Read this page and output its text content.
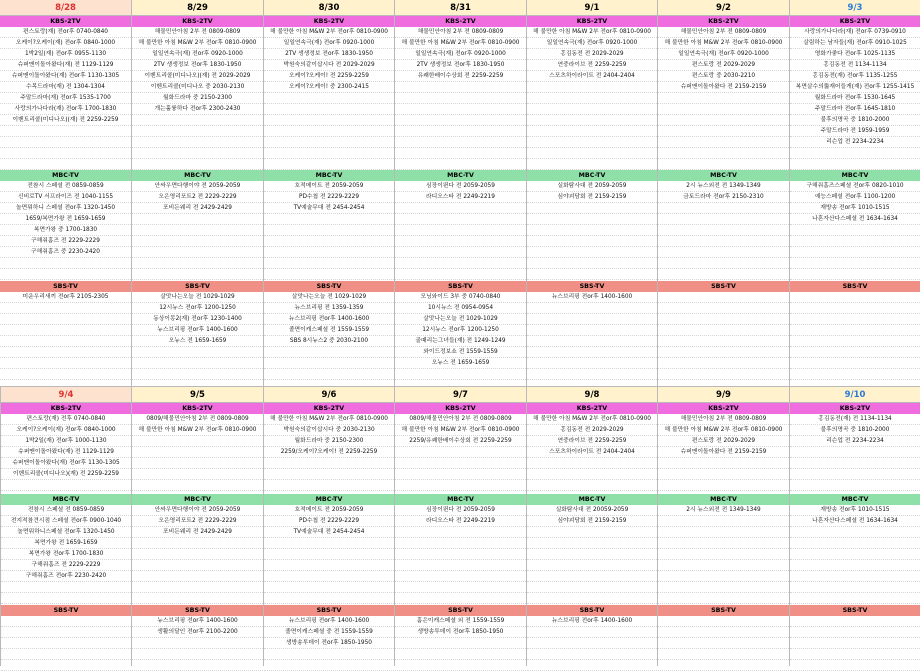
8/28
KBS-2TV
편스토랑(재) 전or후 0740-0840
오케이?오케이(재) 전or후 0840-1000
1박2일(재) 전or후 0955-1130
슈퍼맨이돌아왔다(재) 전 1129-1129
슈퍼맨이돌아왔다(재) 전or후 1130-1305
수목드라마(재) 전 1304-1304
주말드라마(재) 전or후 1535-1700
사랑의가나다라(재) 전or후 1700-1830
이벤트리콜(미디나오)(재) 전 2259-2259
MBC-TV
전참시 스페셜 전 0859-0859
신비로TV 서프라이즈 전 1040-1155
놀면뭐하니 스페셜 전or후 1320-1450
1659/복면가왕 전 1659-1659
복면가왕 중 1700-1830
구해줘홈즈 전 2229-2229
구해줘홈즈 중 2230-2420
SBS-TV
미운우리새끼 전or후 2105-2305
8/29
KBS-2TV
해물민안아침 2부 전 0809-0809
해 불만한 아침 M&W 2부 전or후 0810-0900
일일연속극(재) 전or후 0920-1000
2TV 생생정보 전or후 1830-1950
이벤트리콜(미디나오)(재) 전 2029-2029
이벤트리콜(미디나오 중 2030-2130
월화드라마 중 2150-2300
개는훌륭하다 전or후 2300-2430
MBC-TV
안싸우면다행이야 전 2059-2059
오은영리포트2 전 2229-2229
포비든웨리 전 2429-2429
SBS-TV
살맛나는오늘 전 1029-1029
12시뉴스 전or후 1200-1250
동상이몽2(재) 전or후 1230-1400
뉴스브리핑 전or후 1400-1600
오뉴스 전 1659-1659
8/30
KBS-2TV
해 불만한 아침 M&W 2부 전or후 0810-0900
일일연속극(재) 전or후 0920-1000
2TV 생생정보 전or후 1830-1950
박원숙의같이삽시다 전 2029-2029
오케이?오케이! 전 2259-2259
오케이?오케이! 중 2300-2415
MBC-TV
호적메이트 전 2059-2059
PD수첩 전 2229-2229
TV예술무대 전 2454-2454
SBS-TV
살맛나는오늘 전 1029-1029
뉴스브리핑 전 1359-1359
뉴스브리핑 전or후 1400-1600
졸면이캐스페셜 전 1559-1559
SBS 8시뉴스2 중 2030-2100
8/31
KBS-2TV
해물민안아침 2부 전 0809-0809
해 불만한 아침 M&W 2부 전or후 0810-0900
일일연속극(재) 전or후 0920-1000
2TV 생생정보 전or후 1830-1950
유쾌한배이수상회 전 2259-2259
MBC-TV
심장이뛴다 전 2059-2059
라디오스타 전 2249-2219
SBS-TV
모닝와이드 3부 중 0740-0840
10시뉴스 전 0954-0954
살맛나는오늘 전 1029-1029
12시뉴스 전or후 1200-1250
골때리는그녀들(재) 전 1249-1249
와이드정보쇼 전 1559-1559
오뉴스 전 1659-1659
9/1
KBS-2TV
해 불만한 아침 M&W 2부 전or후 0810-0900
일일연속극(재) 전or후 0920-1000
홍김동전 전 2029-2029
연중라이브 전 2259-2259
스포츠하이라이트 전 2404-2404
MBC-TV
실화탐사대 전 2059-2059
심야괴담회 전 2159-2159
SBS-TV
뉴스브리핑 전or후 1400-1600
9/2
KBS-2TV
해물민안아침 2부 전 0809-0809
해 불만한 아침 M&W 2부 전or후 0810-0900
일일연속극(재) 전or후 0920-1000
편스토랑 전 2029-2029
편스토랑 중 2030-2210
슈퍼맨이돌아왔다 전 2159-2159
MBC-TV
2시 뉴스외전 전 1349-1349
금토드라마 전or후 2150-2310
SBS-TV
9/3
KBS-2TV
사랑의가나다라(재) 전or후 0739-0910
살림하는 남자들(재) 전or후 0910-1025
영화가좋다 전or후 1025-1135
홍김동전 전 1134-1134
홍김동전(재) 전or후 1135-1255
복면살수의뚫재어들게(재) 전or후 1255-1415
월화드라마 전or후 1530-1645
주말드라마 전or후 1645-1810
불후의명곡 중 1810-2000
주말드라마 전 1959-1959
리슨업 전 2234-2234
MBC-TV
구해줘홈즈스페셜 전or후 0820-1010
예능스페셜 전or후 1100-1200
재방송 전or후 1010-1515
나혼자산다스페셜 전 1634-1634
SBS-TV
9/4
KBS-2TV
편스토랑(재) 전후 0740-0840
오케이?오케이(재) 전or후 0840-1000
1박2일(재) 전or후 1000-1130
슈퍼맨이돌아왔다(재) 전 1129-1129
슈퍼맨이돌아왔다(재) 전or후 1130-1305
이벤트리콜(미디나오)(재) 전 2259-2259
MBC-TV
전참시 스페셜 전 0859-0859
전지적참견시점 스페셜 전or후 0900-1040
놀면뭐하니스페셜 전or후 1320-1450
복면가왕 전 1659-1659
복면가왕 전or후 1700-1830
구해줘홈즈 전 2229-2229
구해줘홈즈 전or후 2230-2420
SBS-TV
9/5
KBS-2TV
0809/해물민안아침 2부 전 0809-0809
해 불만한 아침 M&W 2부 전or후 0810-0900
MBC-TV
안싸우면다행이야 전 2059-2059
오은영리포트2 전 2229-2229
포비든웨리 전 2429-2429
SBS-TV
뉴스브리핑 전or후 1400-1600
생활의달인 전or후 2100-2200
9/6
KBS-2TV
해 불만한 아침 M&W 2부 전or후 0810-0900
박원숙의같이삽시다 중 2030-2130
월화드라마 중 2150-2300
2259/오케이?오케이! 전 2259-2259
MBC-TV
호적메이트 전 2059-2059
PD수첩 전 2229-2229
TV예술무대 전 2454-2454
SBS-TV
뉴스브리핑 전or후 1400-1600
졸면이캐스페셜 중 전 1559-1559
생방송투데이 전or후 1850-1950
9/7
KBS-2TV
0809/해물민안아침 2부 전 0809-0809
해 불만한 아침 M&W 2부 전or후 0810-0900
2259/유쾌한배이수상회 전 2259-2259
MBC-TV
심장이뛴다 전 2059-2059
라디오스타 전 2249-2219
SBS-TV
홈은이캐스페셜 외 전 1559-1559
생방송투데이 전or후 1850-1950
9/8
KBS-2TV
해 불만한 아침 M&W 2부 전or후 0810-0900
홍김동전 전 2029-2029
연중라이브 전 2259-2259
스포츠하이라이트 전 2404-2404
MBC-TV
실화탐사대 전 20059-2059
심야괴담회 전 2159-2159
SBS-TV
뉴스브리핑 전or후 1400-1600
9/9
KBS-2TV
해물민안아침 2부 전 0809-0809
해 불만한 아침 M&W 2부 전or후 0810-0900
편스토랑 전 2029-2029
슈퍼맨이돌아왔다 전 2159-2159
MBC-TV
2시 뉴스외전 전 1349-1349
SBS-TV
9/10
KBS-2TV
홍김동전(재) 전 1134-1134
불후의명곡 중 1810-2000
리슨업 전 2234-2234
MBC-TV
재방송 전or후 1010-1515
나혼자산다스페셜 전 1634-1634
SBS-TV
